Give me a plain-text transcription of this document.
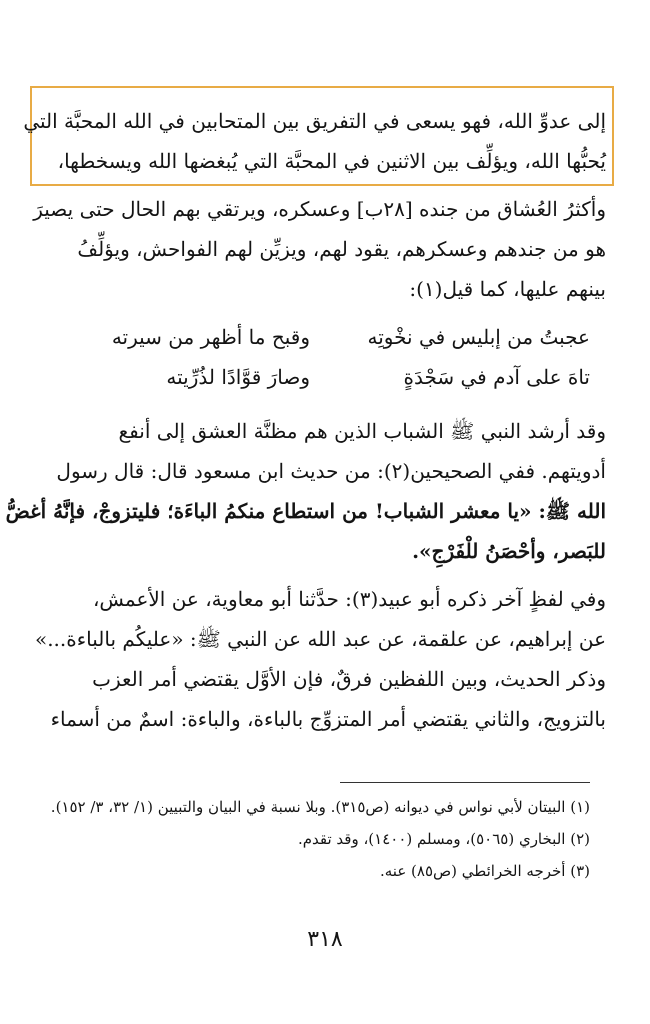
إلى عدوِّ الله، فهو يسعى في التفريق بين المتحابين في الله المحبَّة التي
يُحبُّها الله، ويؤلِّف بين الاثنين في المحبَّة التي يُبغضها الله ويسخطها،
وأكثرُ العُشاق من جنده [٢٨ب] وعسكره، ويرتقي بهم الحال حتى يصيرَ
هو من جندهم وعسكرهم، يقود لهم، ويزيِّن لهم الفواحش، ويؤلِّفُ
بينهم عليها، كما قيل(١):
عجبتُ من إبليس في نخْوتِه
وقبح ما أظهر من سيرته
تاهَ على آدم في سَجْدَةٍ
وصارَ قوَّادًا لذُرِّيته
وقد أرشد النبي ﷺ الشباب الذين هم مظنَّة العشق إلى أنفع
أدويتهم. ففي الصحيحين(٢): من حديث ابن مسعود قال: قال رسول
الله ﷺ: «يا معشر الشباب! من استطاع منكمُ الباءَة؛ فليتزوجْ، فإنَّهُ أغضُّ
للبَصر، وأحْصَنُ للْفَرْجِ».
وفي لفظٍ آخر ذكره أبو عبيد(٣): حدَّثنا أبو معاوية، عن الأعمش،
عن إبراهيم، عن علقمة، عن عبد الله عن النبي ﷺ: «عليكُم بالباءة...»
وذكر الحديث، وبين اللفظين فرقٌ، فإن الأوَّل يقتضي أمر العزب
بالتزويج، والثاني يقتضي أمر المتزوِّج بالباءة، والباءة: اسمٌ من أسماء
(١) البيتان لأبي نواس في ديوانه (ص٣١٥). وبلا نسبة في البيان والتبيين (١/ ٣٢، ٣/ ١٥٢).
(٢) البخاري (٥٠٦٥)، ومسلم (١٤٠٠)، وقد تقدم.
(٣) أخرجه الخرائطي (ص٨٥) عنه.
٣١٨
